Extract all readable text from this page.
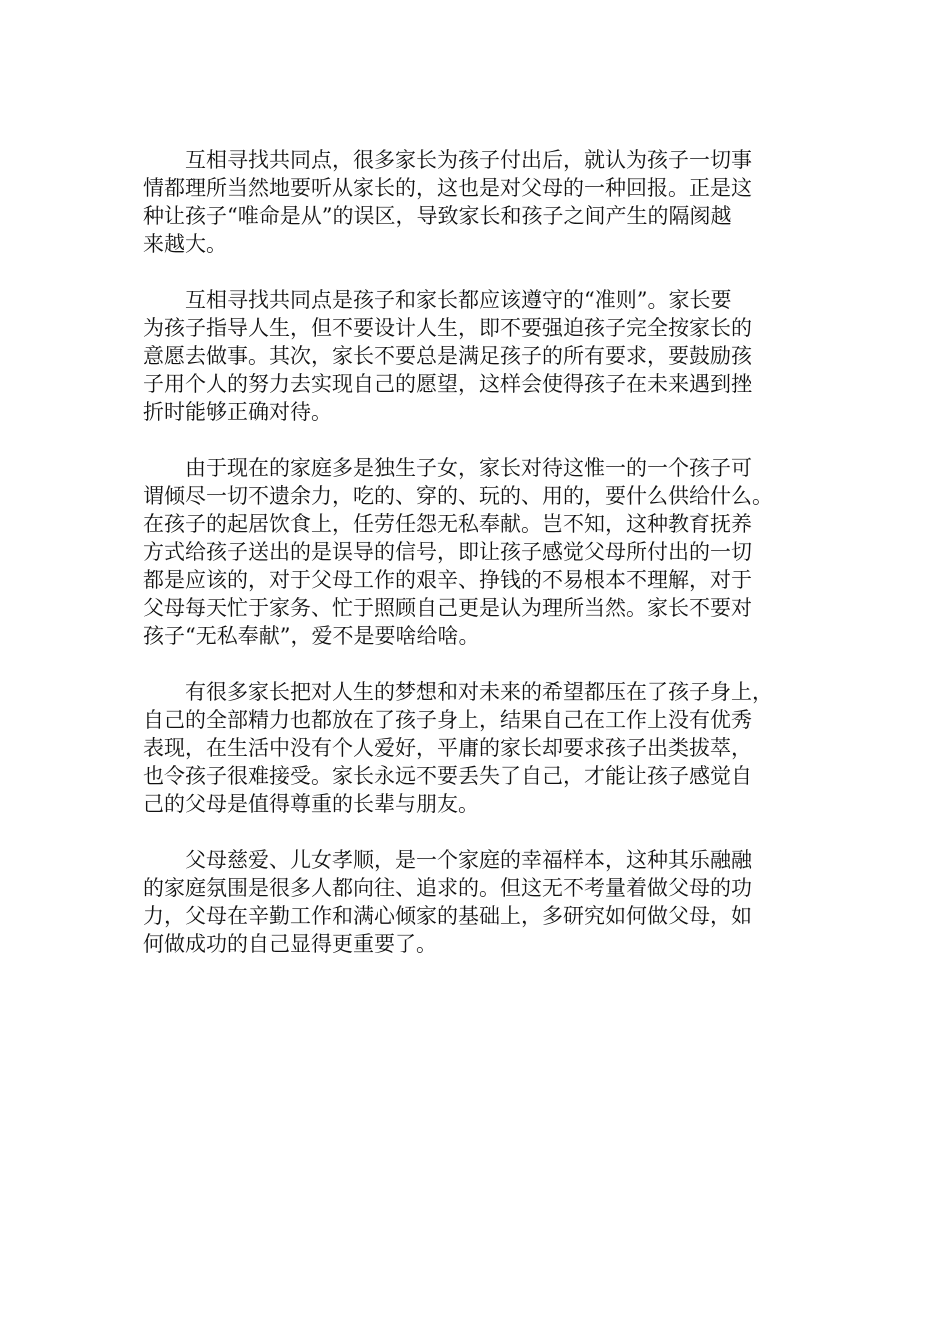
互相寻找共同点，很多家长为孩子付出后，就认为孩子一切事
情都理所当然地要听从家长的，这也是对父母的一种回报。正是这
种让孩子“唯命是从”的误区，导致家长和孩子之间产生的隔阂越
来越大。

互相寻找共同点是孩子和家长都应该遵守的“准则”。家长要
为孩子指导人生，但不要设计人生，即不要强迫孩子完全按家长的
意愿去做事。其次，家长不要总是满足孩子的所有要求，要鼓励孩
子用个人的努力去实现自己的愿望，这样会使得孩子在未来遇到挫
折时能够正确对待。

由于现在的家庭多是独生子女，家长对待这惟一的一个孩子可
谓倾尽一切不遗余力，吃的、穿的、玩的、用的，要什么供给什么。
在孩子的起居饮食上，任劳任怨无私奉献。岂不知，这种教育抚养
方式给孩子送出的是误导的信号，即让孩子感觉父母所付出的一切
都是应该的，对于父母工作的艰辛、挣钱的不易根本不理解，对于
父母每天忙于家务、忙于照顾自己更是认为理所当然。家长不要对
孩子“无私奉献”，爱不是要啥给啥。

有很多家长把对人生的梦想和对未来的希望都压在了孩子身上，
自己的全部精力也都放在了孩子身上，结果自己在工作上没有优秀
表现，在生活中没有个人爱好，平庸的家长却要求孩子出类拔萃，
也令孩子很难接受。家长永远不要丢失了自己，才能让孩子感觉自
己的父母是值得尊重的长辈与朋友。

父母慈爱、儿女孝顺，是一个家庭的幸福样本，这种其乐融融
的家庭氛围是很多人都向往、追求的。但这无不考量着做父母的功
力，父母在辛勤工作和满心倾家的基础上，多研究如何做父母，如
何做成功的自己显得更重要了。
